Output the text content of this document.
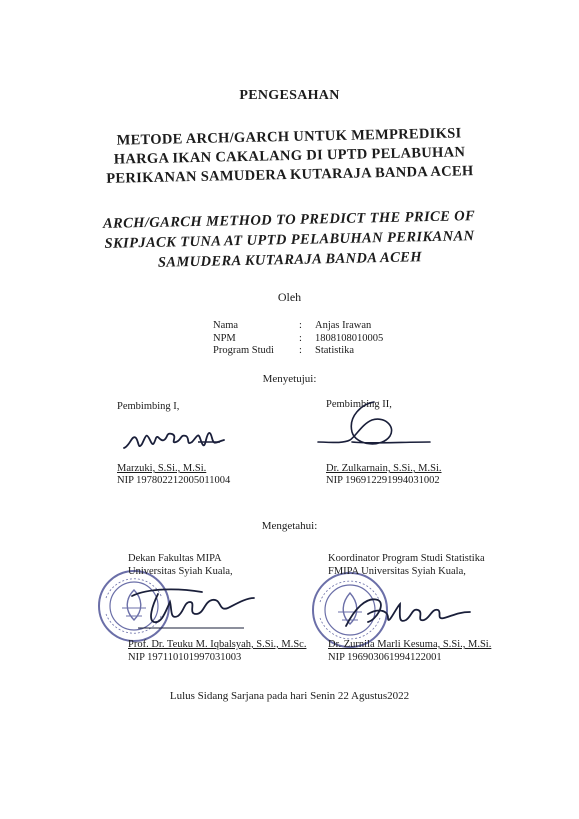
PENGESAHAN
METODE ARCH/GARCH UNTUK MEMPREDIKSI
HARGA IKAN CAKALANG DI UPTD PELABUHAN
PERIKANAN SAMUDERA KUTARAJA BANDA ACEH
ARCH/GARCH METHOD TO PREDICT THE PRICE OF
SKIPJACK TUNA AT UPTD PELABUHAN PERIKANAN
SAMUDERA KUTARAJA BANDA ACEH
Oleh
Nama	:	Anjas Irawan
NPM	:	1808108010005
Program Studi	:	Statistika
Menyetujui:
Pembimbing I,
Marzuki, S.Si., M.Si.
NIP 197802212005011004
Pembimbing II,
Dr. Zulkarnain, S.Si., M.Si.
NIP 196912291994031002
Mengetahui:
Dekan Fakultas MIPA
Universitas Syiah Kuala,
Prof. Dr. Teuku M. Iqbalsyah, S.Si., M.Sc.
NIP 197110101997031003
Koordinator Program Studi Statistika
FMIPA Universitas Syiah Kuala,
Dr. Zurnila Marli Kesuma, S.Si., M.Si.
NIP 196903061994122001
Lulus Sidang Sarjana pada hari Senin 22 Agustus2022
